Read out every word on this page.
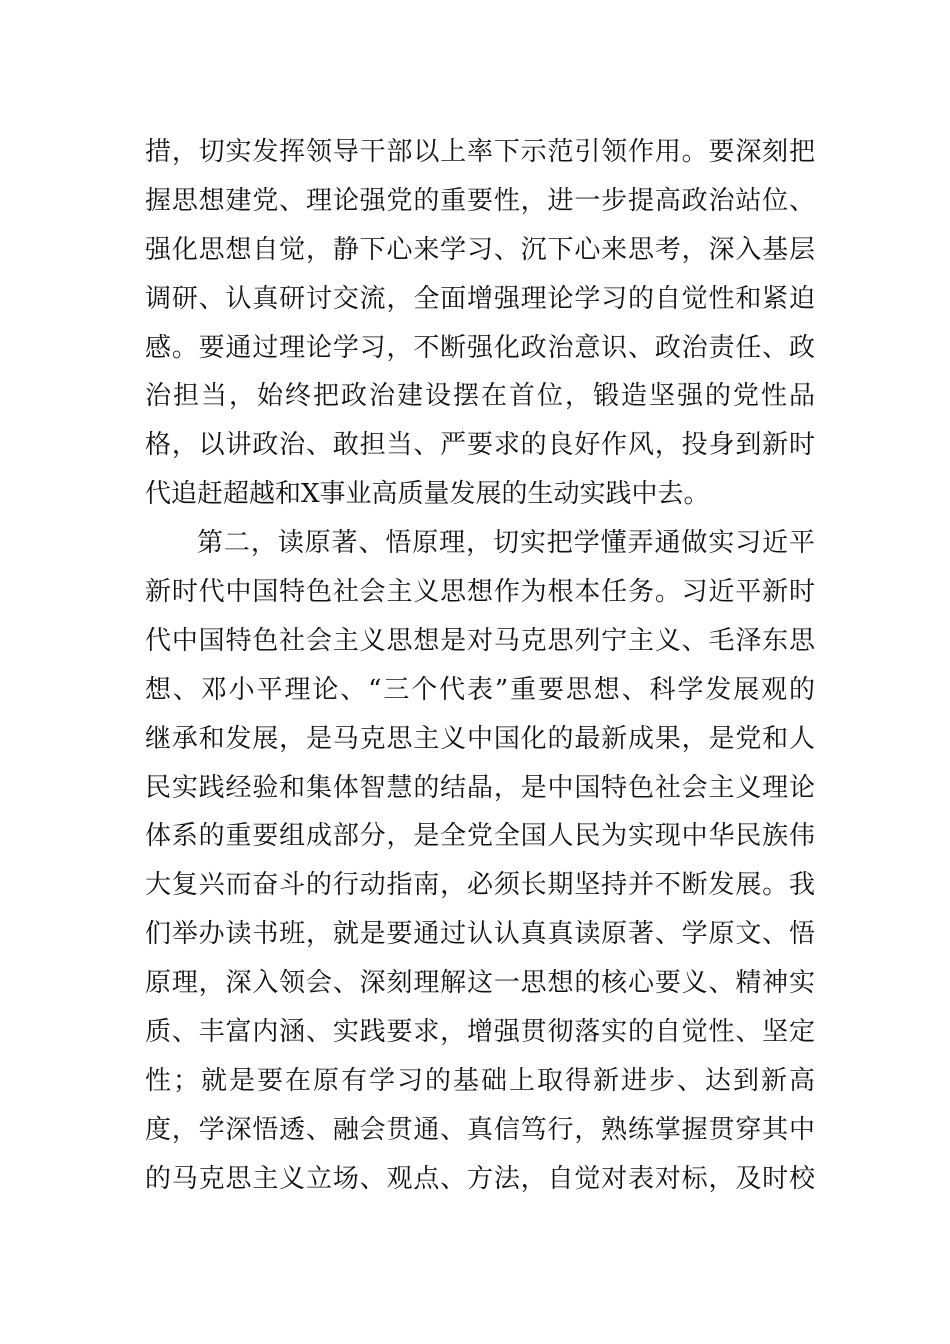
措，切实发挥领导干部以上率下示范引领作用。要深刻把
握思想建党、理论强党的重要性，进一步提高政治站位、
强化思想自觉，静下心来学习、沉下心来思考，深入基层
调研、认真研讨交流，全面增强理论学习的自觉性和紧迫
感。要通过理论学习，不断强化政治意识、政治责任、政
治担当，始终把政治建设摆在首位，锻造坚强的党性品
格，以讲政治、敢担当、严要求的良好作风，投身到新时
代追赶超越和X事业高质量发展的生动实践中去。
第二，读原著、悟原理，切实把学懂弄通做实习近平
新时代中国特色社会主义思想作为根本任务。习近平新时
代中国特色社会主义思想是对马克思列宁主义、毛泽东思
想、邓小平理论、“三个代表”重要思想、科学发展观的
继承和发展，是马克思主义中国化的最新成果，是党和人
民实践经验和集体智慧的结晶，是中国特色社会主义理论
体系的重要组成部分，是全党全国人民为实现中华民族伟
大复兴而奋斗的行动指南，必须长期坚持并不断发展。我
们举办读书班，就是要通过认认真真读原著、学原文、悟
原理，深入领会、深刻理解这一思想的核心要义、精神实
质、丰富内涵、实践要求，增强贯彻落实的自觉性、坚定
性；就是要在原有学习的基础上取得新进步、达到新高
度，学深悟透、融会贯通、真信笃行，熟练掌握贯穿其中
的马克思主义立场、观点、方法，自觉对表对标，及时校
